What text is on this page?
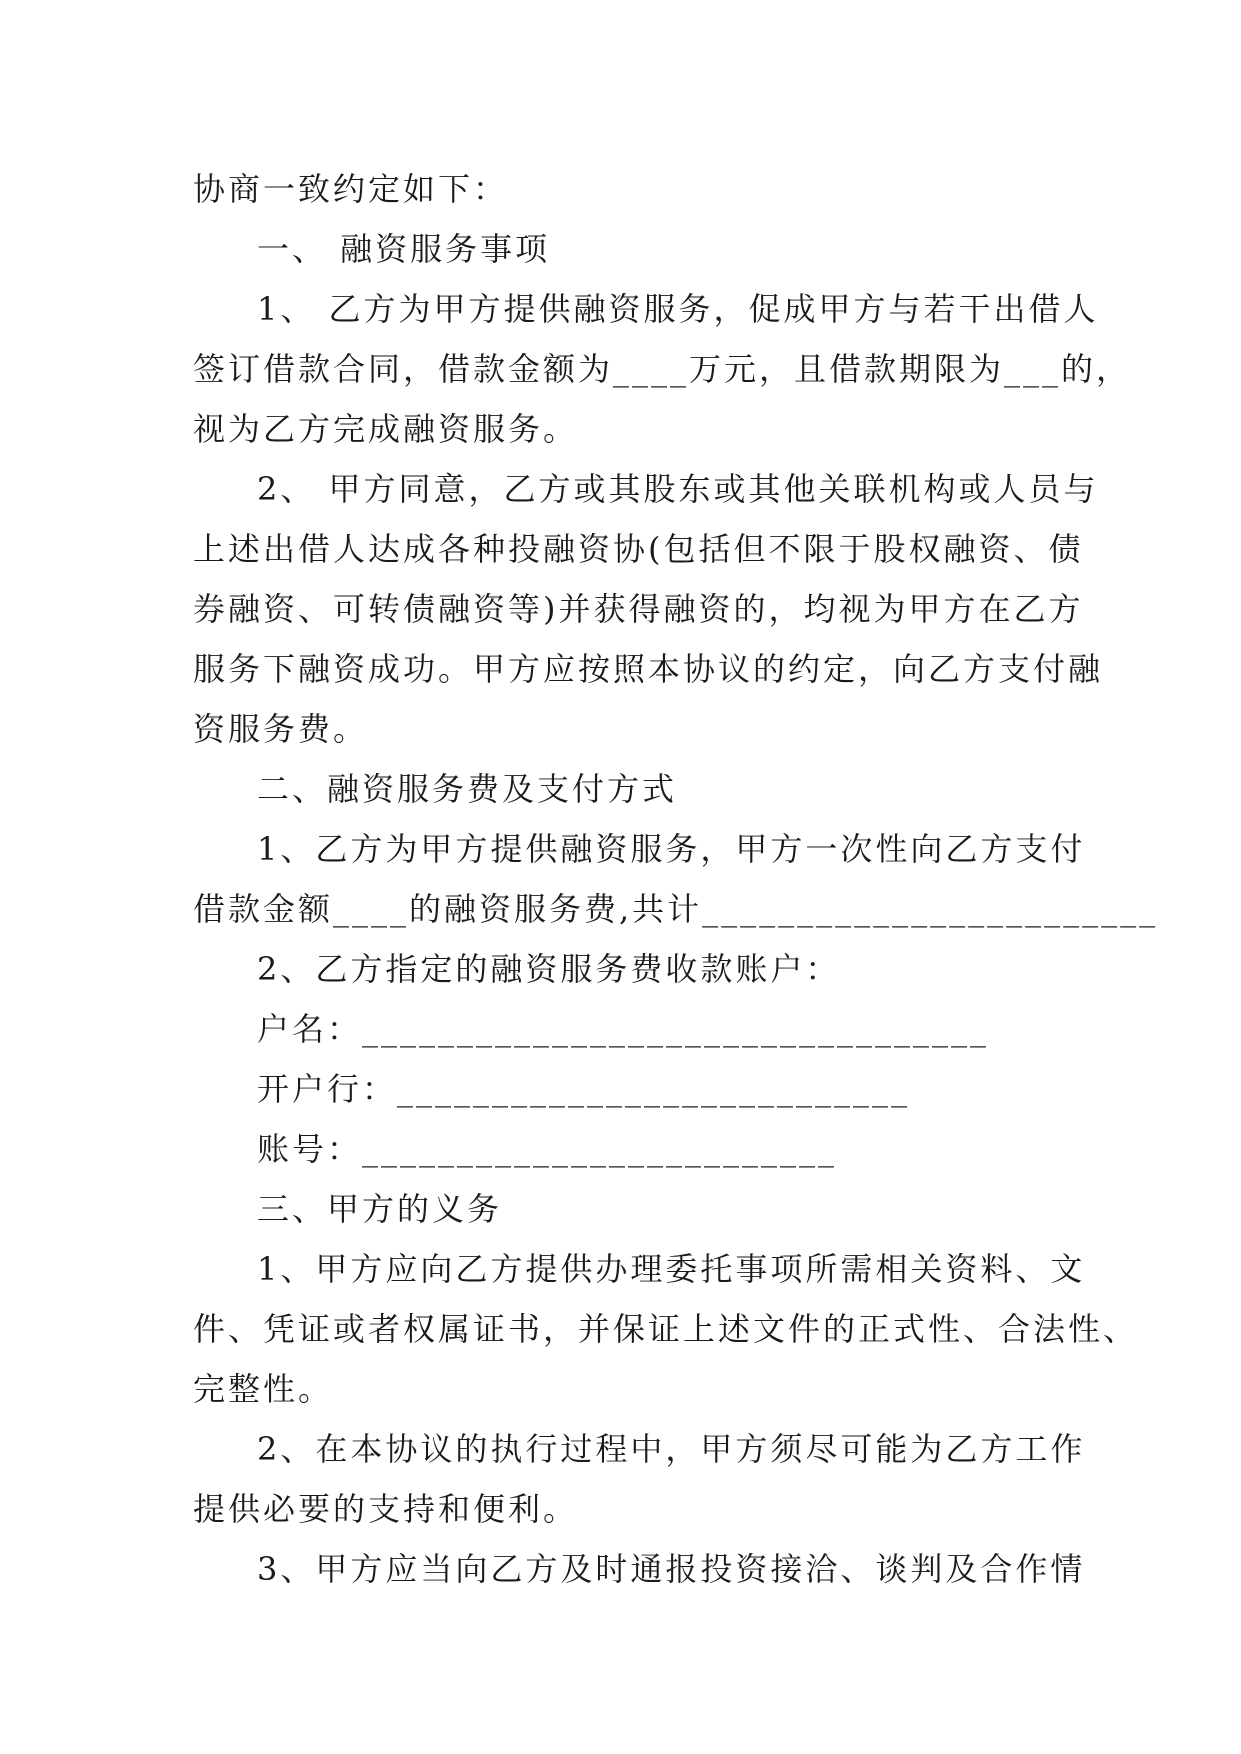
协商一致约定如下：
一、 融资服务事项
1、 乙方为甲方提供融资服务，促成甲方与若干出借人
签订借款合同，借款金额为____万元，且借款期限为___的，
视为乙方完成融资服务。
2、 甲方同意，乙方或其股东或其他关联机构或人员与
上述出借人达成各种投融资协(包括但不限于股权融资、债
券融资、可转债融资等)并获得融资的，均视为甲方在乙方
服务下融资成功。甲方应按照本协议的约定，向乙方支付融
资服务费。
二、融资服务费及支付方式
1、乙方为甲方提供融资服务，甲方一次性向乙方支付
借款金额____的融资服务费,共计________________________
2、乙方指定的融资服务费收款账户：
户名：_________________________________
开户行：___________________________
账号：_________________________
三、甲方的义务
1、甲方应向乙方提供办理委托事项所需相关资料、文
件、凭证或者权属证书，并保证上述文件的正式性、合法性、
完整性。
2、在本协议的执行过程中，甲方须尽可能为乙方工作
提供必要的支持和便利。
3、甲方应当向乙方及时通报投资接洽、谈判及合作情
